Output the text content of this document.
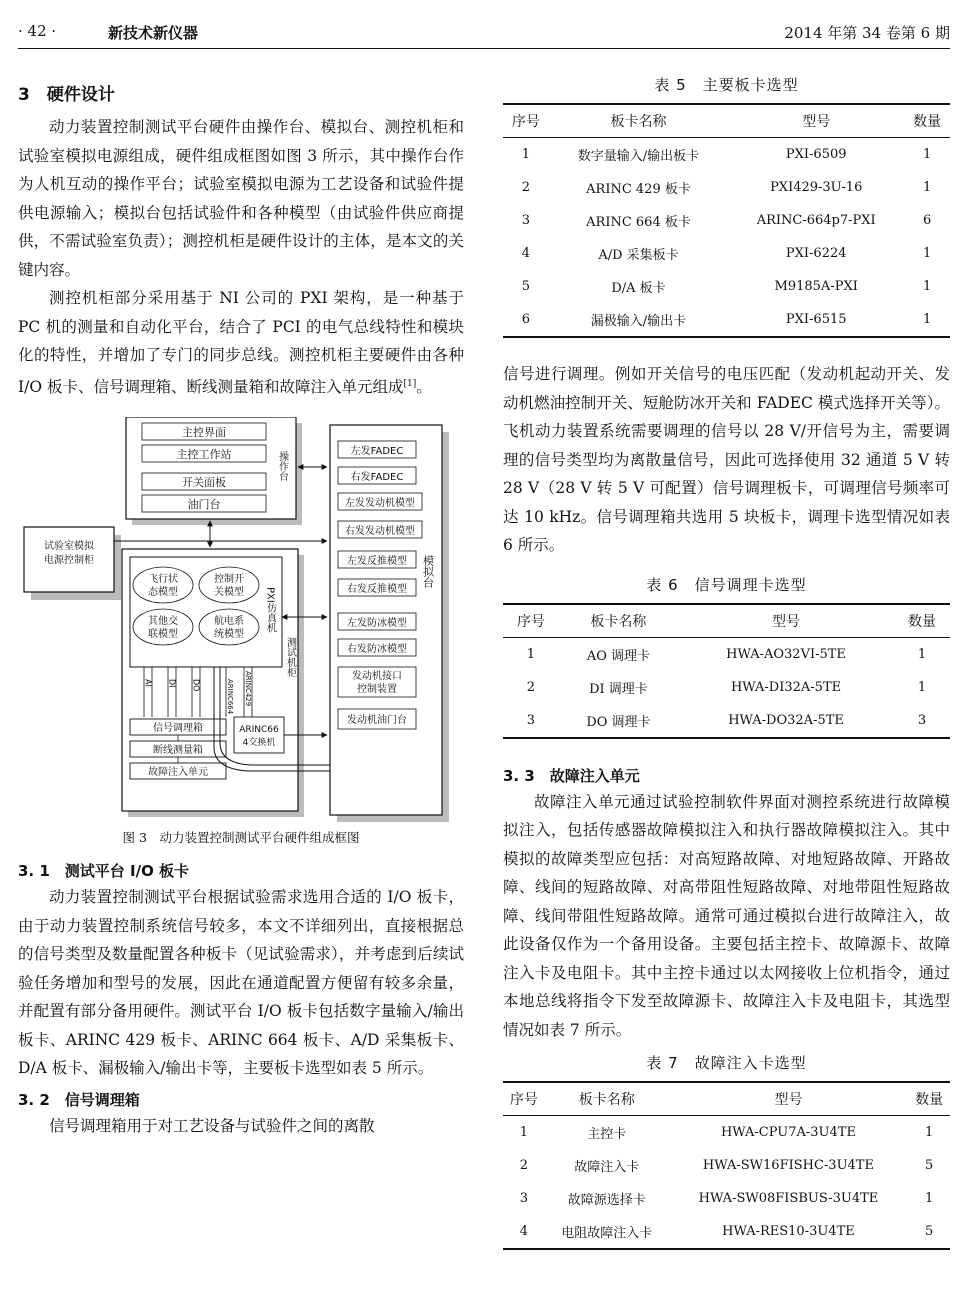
· 42 ·	新技术新仪器	2014 年第 34 卷第 6 期
3　硬件设计

动力装置控制测试平台硬件由操作台、模拟台、测控机柜和试验室模拟电源组成，硬件组成框图如图 3 所示，其中操作台作为人机互动的操作平台；试验室模拟电源为工艺设备和试验件提供电源输入；模拟台包括试验件和各种模型（由试验件供应商提供，不需试验室负责）；测控机柜是硬件设计的主体，是本文的关键内容。

测控机柜部分采用基于 NI 公司的 PXI 架构，是一种基于 PC 机的测量和自动化平台，结合了 PCI 的电气总线特性和模块化的特性，并增加了专门的同步总线。测控机柜主要硬件由各种 I/O 板卡、信号调理箱、断线测量箱和故障注入单元组成[1]。

主控界面
主控工作站
开关面板
油门台
操作台
试验室模拟
电源控制柜
飞行状
态模型
控制开
关模型
其他交
联模型
航电系
统模型
PXI仿真机
AI DI DO	ARINC429
ARINC664
信号调理箱	ARINC66
4交换机
断线测量箱
故障注入单元
测试机柜
左发FADEC
右发FADEC
左发发动机模型
右发发动机模型
左发反推模型
右发反推模型
左发防冰模型
右发防冰模型
发动机接口
控制装置
发动机油门台
模拟台
图 3　动力装置控制测试平台硬件组成框图
3. 1　测试平台 I/O 板卡

动力装置控制测试平台根据试验需求选用合适的 I/O 板卡，由于动力装置控制系统信号较多，本文不详细列出，直接根据总的信号类型及数量配置各种板卡（见试验需求），并考虑到后续试验任务增加和型号的发展，因此在通道配置方便留有较多余量，并配置有部分备用硬件。测试平台 I/O 板卡包括数字量输入/输出板卡、ARINC 429 板卡、ARINC 664 板卡、A/D 采集板卡、D/A 板卡、漏极输入/输出卡等，主要板卡选型如表 5 所示。

3. 2　信号调理箱

信号调理箱用于对工艺设备与试验件之间的离散

表 5　主要板卡选型
序号	板卡名称	型号	数量
1	数字量输入/输出板卡	PXI-6509	1
2	ARINC 429 板卡	PXI429-3U-16	1
3	ARINC 664 板卡	ARINC-664p7-PXI	6
4	A/D 采集板卡	PXI-6224	1
5	D/A 板卡	M9185A-PXI	1
6	漏极输入/输出卡	PXI-6515	1

信号进行调理。例如开关信号的电压匹配（发动机起动开关、发动机燃油控制开关、短舱防冰开关和 FADEC 模式选择开关等）。飞机动力装置系统需要调理的信号以 28 V/开信号为主，需要调理的信号类型均为离散量信号，因此可选择使用 32 通道 5 V 转 28 V（28 V 转 5 V 可配置）信号调理板卡，可调理信号频率可达 10 kHz。信号调理箱共选用 5 块板卡，调理卡选型情况如表 6 所示。

表 6　信号调理卡选型
序号	板卡名称	型号	数量
1	AO 调理卡	HWA-AO32VI-5TE	1
2	DI 调理卡	HWA-DI32A-5TE	1
3	DO 调理卡	HWA-DO32A-5TE	3
3. 3　故障注入单元

故障注入单元通过试验控制软件界面对测控系统进行故障模拟注入，包括传感器故障模拟注入和执行器故障模拟注入。其中模拟的故障类型应包括：对高短路故障、对地短路故障、开路故障、线间的短路故障、对高带阻性短路故障、对地带阻性短路故障、线间带阻性短路故障。通常可通过模拟台进行故障注入，故此设备仅作为一个备用设备。主要包括主控卡、故障源卡、故障注入卡及电阻卡。其中主控卡通过以太网接收上位机指令，通过本地总线将指令下发至故障源卡、故障注入卡及电阻卡，其选型情况如表 7 所示。

表 7　故障注入卡选型
序号	板卡名称	型号	数量
1	主控卡	HWA-CPU7A-3U4TE	1
2	故障注入卡	HWA-SW16FISHC-3U4TE	5
3	故障源选择卡	HWA-SW08FISBUS-3U4TE	1
4	电阻故障注入卡	HWA-RES10-3U4TE	5
